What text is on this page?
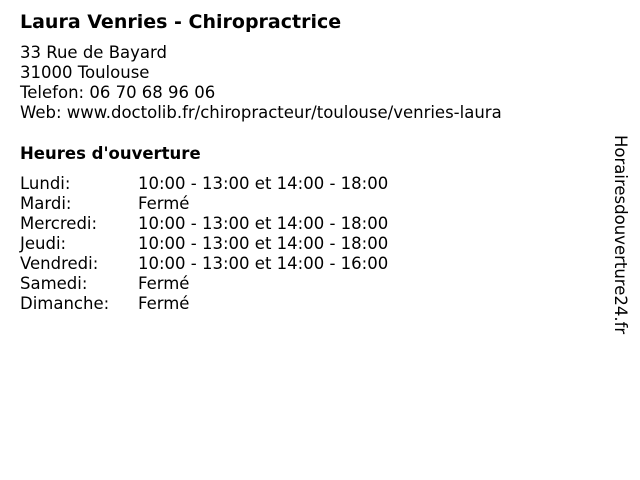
Laura Venries - Chiropractrice
33 Rue de Bayard
31000 Toulouse
Telefon: 06 70 68 96 06
Web: www.doctolib.fr/chiropracteur/toulouse/venries-laura
Heures d'ouverture
Lundi:	10:00 - 13:00 et 14:00 - 18:00
Mardi:	Fermé
Mercredi:	10:00 - 13:00 et 14:00 - 18:00
Jeudi:	10:00 - 13:00 et 14:00 - 18:00
Vendredi:	10:00 - 13:00 et 14:00 - 16:00
Samedi:	Fermé
Dimanche:	Fermé	Horairesdouverture24.fr
